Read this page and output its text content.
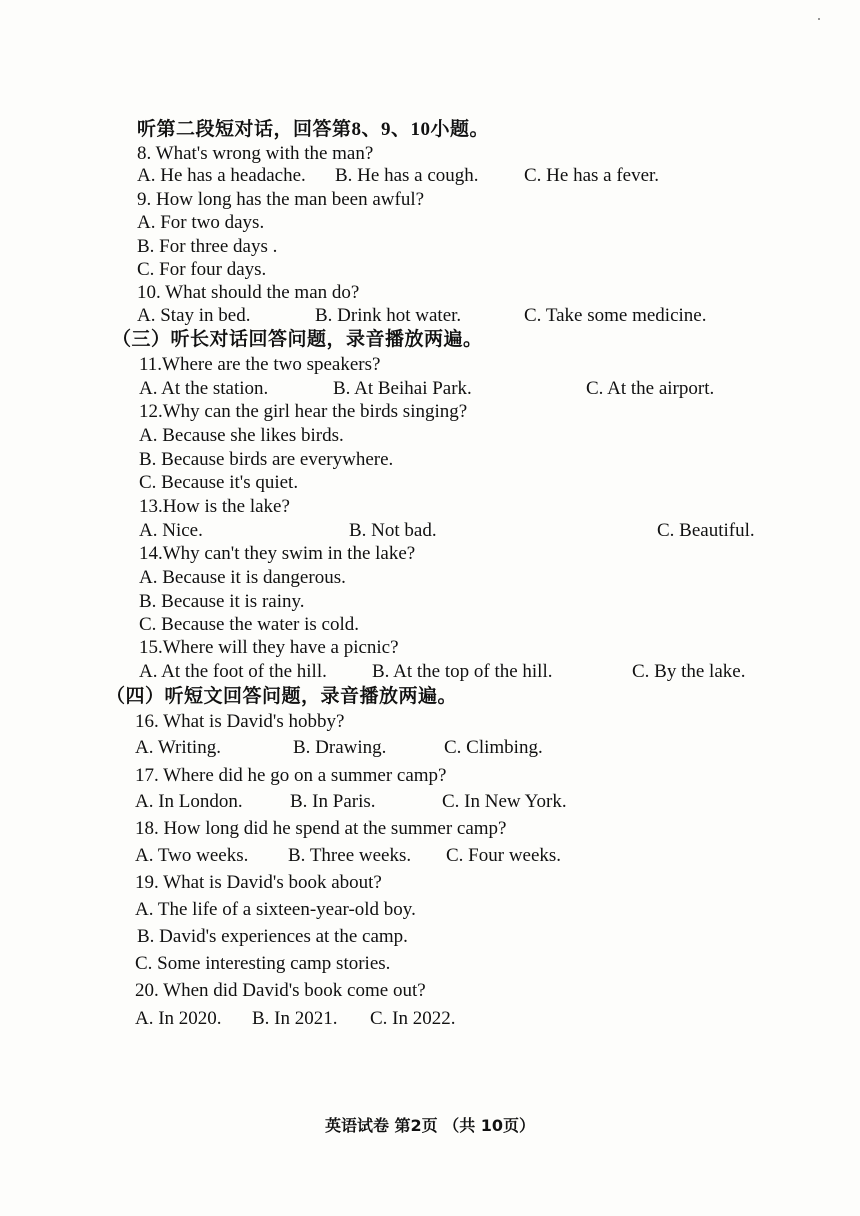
听第二段短对话，回答第8、9、10小题。
8. What's wrong with the man?
A. He has a headache. B. He has a cough. C. He has a fever.
9. How long has the man been awful?
A. For two days.
B. For three days .
C. For four days.
10. What should the man do?
A. Stay in bed.	B. Drink hot water.	C. Take some medicine.
（三）听长对话回答问题，录音播放两遍。
11.Where are the two speakers?
A. At the station.	B. At Beihai Park.	C. At the airport.
12.Why can the girl hear the birds singing?
A. Because she likes birds.
B. Because birds are everywhere.
C. Because it's quiet.
13.How is the lake?
A. Nice.	B. Not bad.	C. Beautiful.
14.Why can't they swim in the lake?
A. Because it is dangerous.
B. Because it is rainy.
C. Because the water is cold.
15.Where will they have a picnic?
A. At the foot of the hill. B. At the top of the hill.	C. By the lake.
（四）听短文回答问题，录音播放两遍。
16. What is David's hobby?
A. Writing.	B. Drawing.	C. Climbing.
17. Where did he go on a summer camp?
A. In London. B. In Paris.	C. In New York.
18. How long did he spend at the summer camp?
A. Two weeks. B. Three weeks. C. Four weeks.
19. What is David's book about?
A. The life of a sixteen-year-old boy.
B. David's experiences at the camp.
C. Some interesting camp stories.
20. When did David's book come out?
A. In 2020. B. In 2021. C. In 2022.
英语试卷 第2页 （共 10页）
